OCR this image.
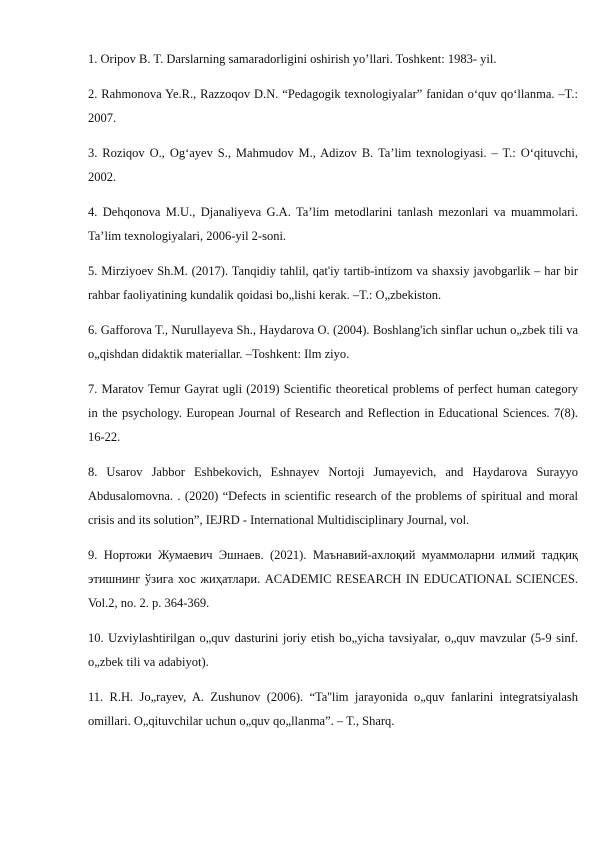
1. Oripov B. T. Darslarning samaradorligini oshirish yo’llari. Toshkent: 1983- yil.

2. Rahmonova Ye.R., Razzoqov D.N. “Pedagogik texnologiyalar” fanidan o‘quv qo‘llanma. –T.: 2007.

3. Roziqov O., Og‘ayev S., Mahmudov M., Adizov B. Ta’lim texnologiyasi. – T.: O‘qituvchi, 2002.

4. Dehqonova M.U., Djanaliyeva G.A. Ta’lim metodlarini tanlash mezonlari va muammolari. Ta’lim texnologiyalari, 2006-yil 2-soni.

5. Mirziyoev Sh.M. (2017). Tanqidiy tahlil, qat'iy tartib-intizom va shaxsiy javobgarlik – har bir rahbar faoliyatining kundalik qoidasi bo„lishi kerak. –T.: O„zbekiston.

6. Gafforova T., Nurullayeva Sh., Haydarova O. (2004). Boshlang'ich sinflar uchun o„zbek tili va o„qishdan didaktik materiallar. –Toshkent: Ilm ziyo.

7. Maratov Temur Gayrat ugli (2019) Scientific theoretical problems of perfect human category in the psychology. European Journal of Research and Reflection in Educational Sciences. 7(8). 16-22.

8. Usarov Jabbor Eshbekovich, Eshnayev Nortoji Jumayevich, and Haydarova Surayyo Abdusalomovna. . (2020) “Defects in scientific research of the problems of spiritual and moral crisis and its solution”, IEJRD - International Multidisciplinary Journal, vol.

9. Нортожи Жумаевич Эшнаев. (2021). Маънавий-ахлоқий муаммоларни илмий тадқиқ этишнинг ўзига хос жиҳатлари. ACADEMIC RESEARCH IN EDUCATIONAL SCIENCES. Vol.2, no. 2. p. 364-369.

10. Uzviylashtirilgan o„quv dasturini joriy etish bo„yicha tavsiyalar, o„quv mavzular (5-9 sinf. o„zbek tili va adabiyot).

11. R.H. Jo„rayev, A. Zushunov (2006). “Ta''lim jarayonida o„quv fanlarini integratsiyalash omillari. O„qituvchilar uchun o„quv qo„llanma”. – T., Sharq.
